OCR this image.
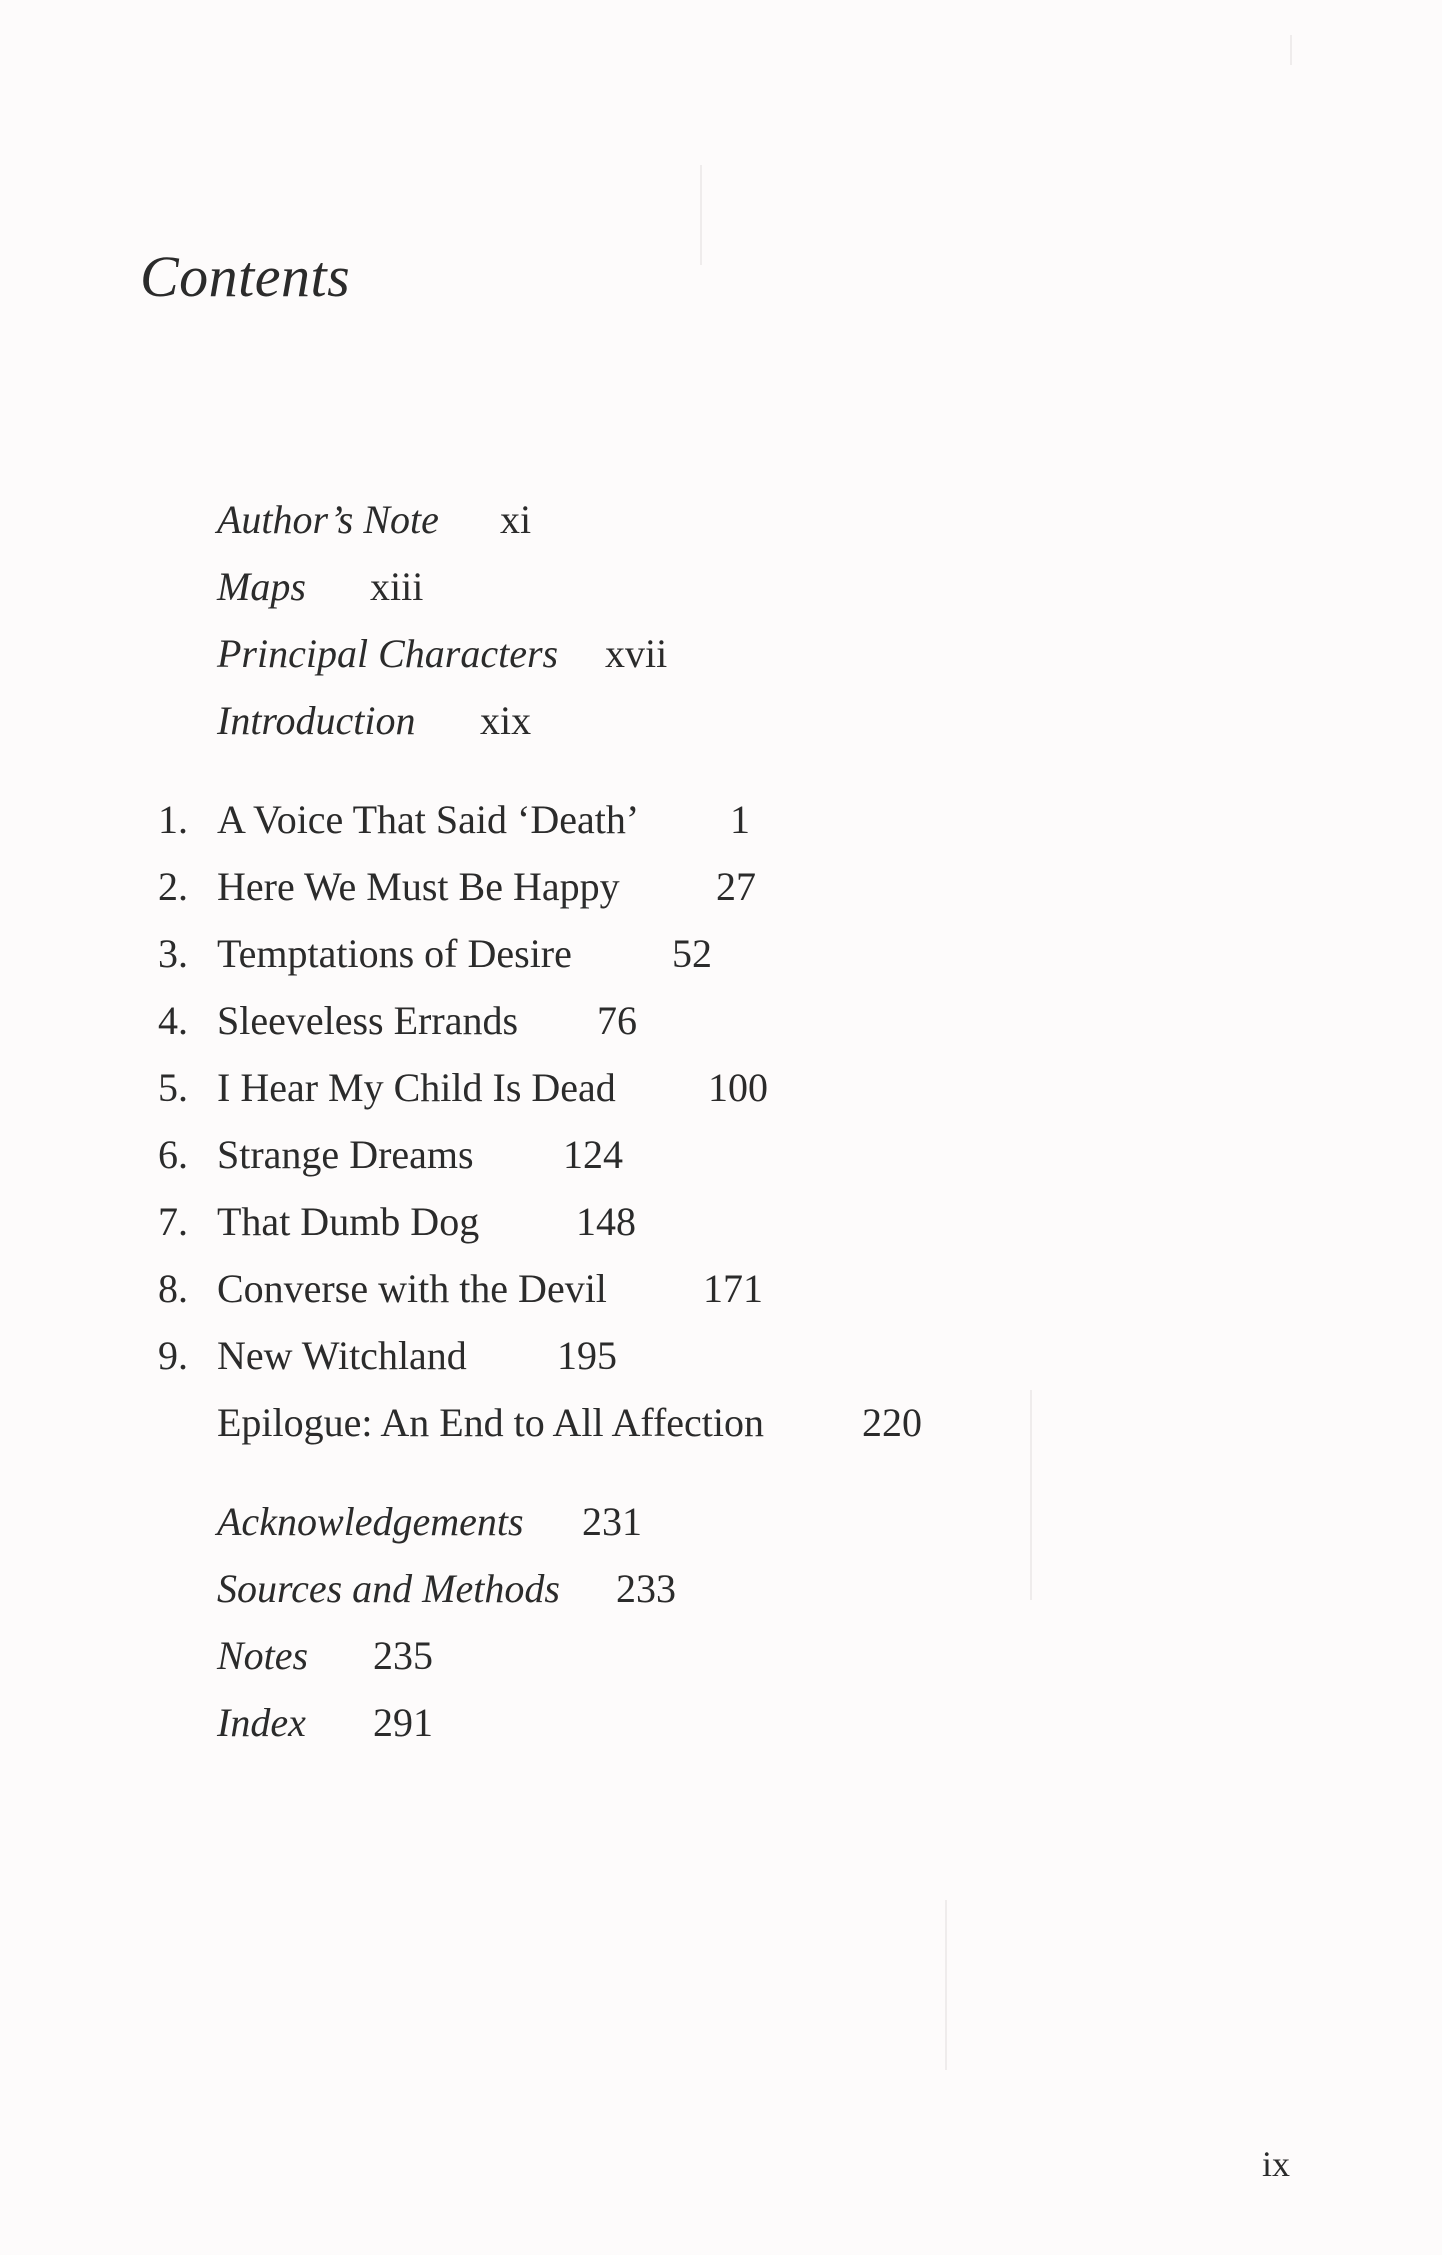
Contents
Author’s Note xi
Maps xiii
Principal Characters xvii
Introduction xix
1. A Voice That Said ‘Death’ 1
2. Here We Must Be Happy 27
3. Temptations of Desire	52
4. Sleeveless Errands 76
5. I Hear My Child Is Dead 100
6. Strange Dreams 124
7. That Dumb Dog 148
8. Converse with the Devil 171
9. New Witchland 195
Epilogue: An End to All Affection 220
Acknowledgements 231
Sources and Methods 233
Notes 235
Index 291
ix
